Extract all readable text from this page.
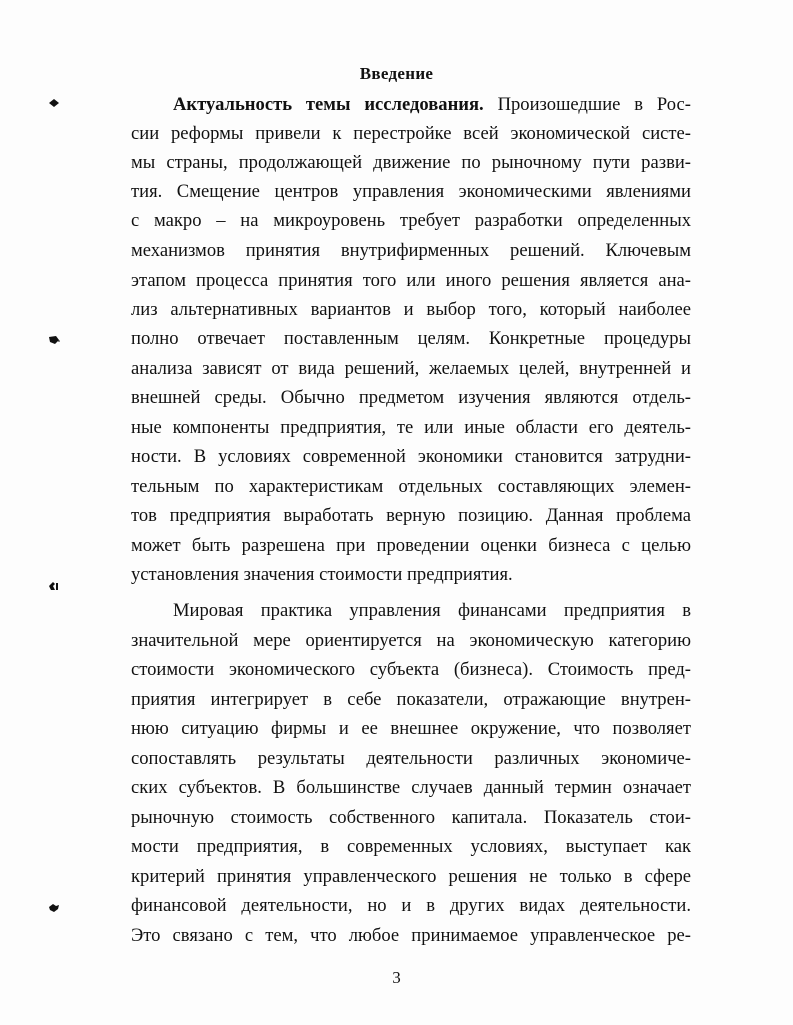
Введение
Актуальность темы исследования. Произошедшие в Рос-
сии реформы привели к перестройке всей экономической систе-
мы страны, продолжающей движение по рыночному пути разви-
тия. Смещение центров управления экономическими явлениями
с макро – на микроуровень требует разработки определенных
механизмов принятия внутрифирменных решений. Ключевым
этапом процесса принятия того или иного решения является ана-
лиз альтернативных вариантов и выбор того, который наиболее
полно отвечает поставленным целям. Конкретные процедуры
анализа зависят от вида решений, желаемых целей, внутренней и
внешней среды. Обычно предметом изучения являются отдель-
ные компоненты предприятия, те или иные области его деятель-
ности. В условиях современной экономики становится затрудни-
тельным по характеристикам отдельных составляющих элемен-
тов предприятия выработать верную позицию. Данная проблема
может быть разрешена при проведении оценки бизнеса с целью
установления значения стоимости предприятия.
Мировая практика управления финансами предприятия в
значительной мере ориентируется на экономическую категорию
стоимости экономического субъекта (бизнеса). Стоимость пред-
приятия интегрирует в себе показатели, отражающие внутрен-
нюю ситуацию фирмы и ее внешнее окружение, что позволяет
сопоставлять результаты деятельности различных экономиче-
ских субъектов. В большинстве случаев данный термин означает
рыночную стоимость собственного капитала. Показатель стои-
мости предприятия, в современных условиях, выступает как
критерий принятия управленческого решения не только в сфере
финансовой деятельности, но и в других видах деятельности.
Это связано с тем, что любое принимаемое управленческое ре-
3
